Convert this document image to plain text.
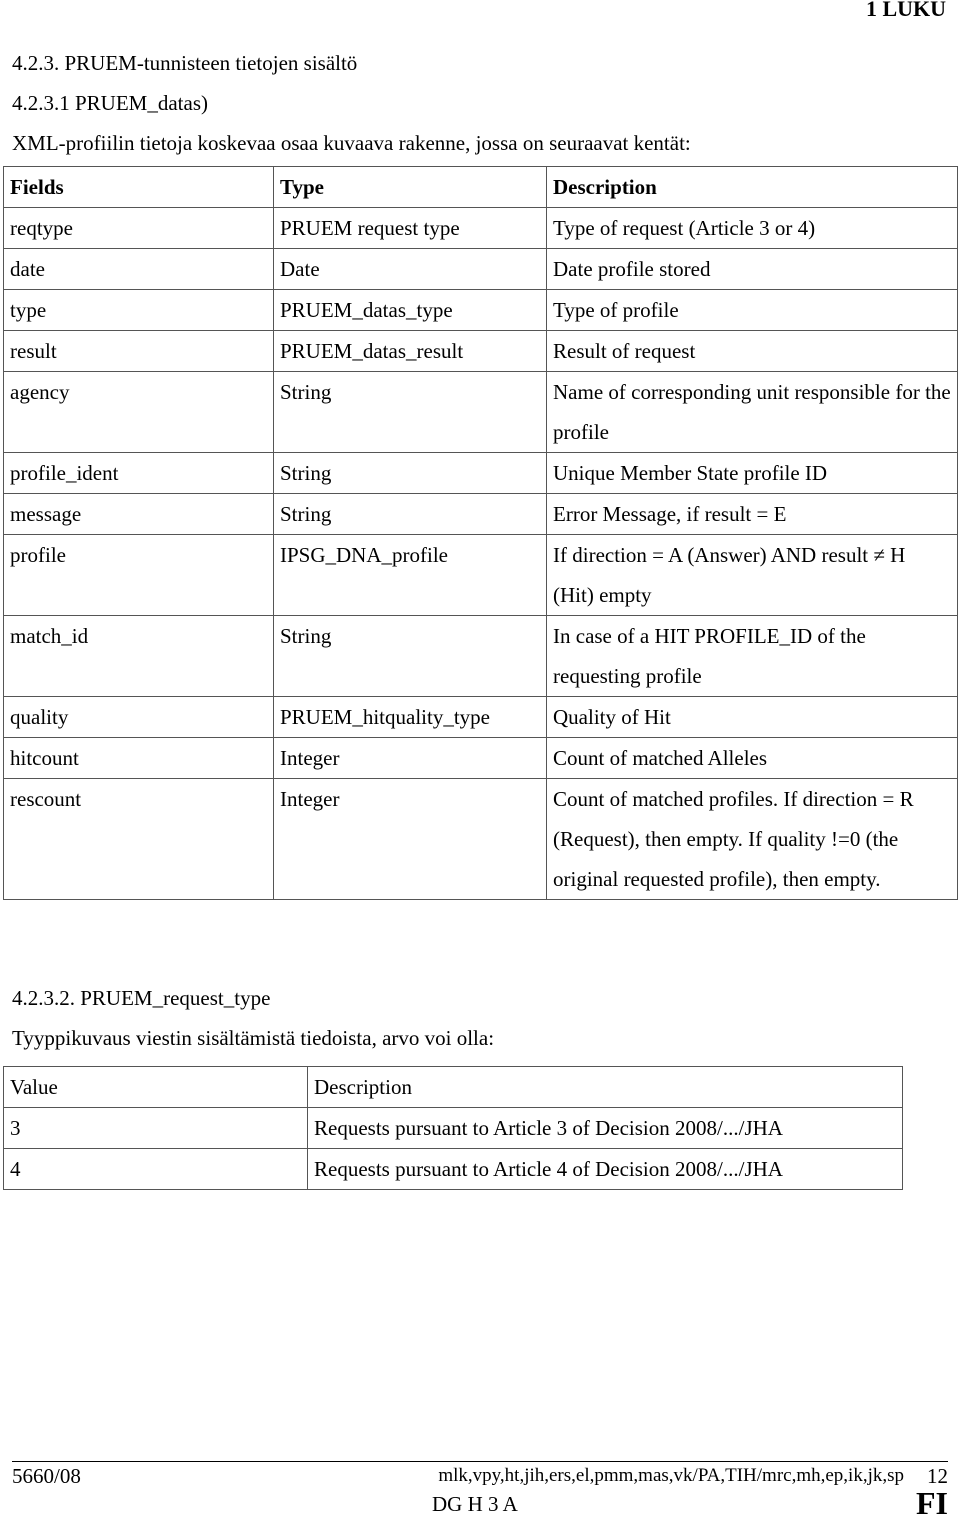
1 LUKU
4.2.3. PRUEM-tunnisteen tietojen sisältö
4.2.3.1 PRUEM_datas)
XML-profiilin tietoja koskevaa osaa kuvaava rakenne, jossa on seuraavat kentät:
Fields	Type	Description
reqtype	PRUEM request type	Type of request (Article 3 or 4)
date	Date	Date profile stored
type	PRUEM_datas_type	Type of profile
result	PRUEM_datas_result	Result of request
agency	String	Name of corresponding unit responsible for the profile
profile_ident	String	Unique Member State profile ID
message	String	Error Message, if result = E
profile	IPSG_DNA_profile	If direction = A (Answer) AND result ≠ H (Hit) empty
match_id	String	In case of a HIT PROFILE_ID of the requesting profile
quality	PRUEM_hitquality_type	Quality of Hit
hitcount	Integer	Count of matched Alleles
rescount	Integer	Count of matched profiles. If direction = R (Request), then empty. If quality !=0 (the original requested profile), then empty.
4.2.3.2. PRUEM_request_type
Tyyppikuvaus viestin sisältämistä tiedoista, arvo voi olla:
Value	Description
3	Requests pursuant to Article 3 of Decision 2008/.../JHA
4	Requests pursuant to Article 4 of Decision 2008/.../JHA
5660/08	mlk,vpy,ht,jih,ers,el,pmm,mas,vk/PA,TIH/mrc,mh,ep,ik,jk,sp 12
DG H 3 A	FI
